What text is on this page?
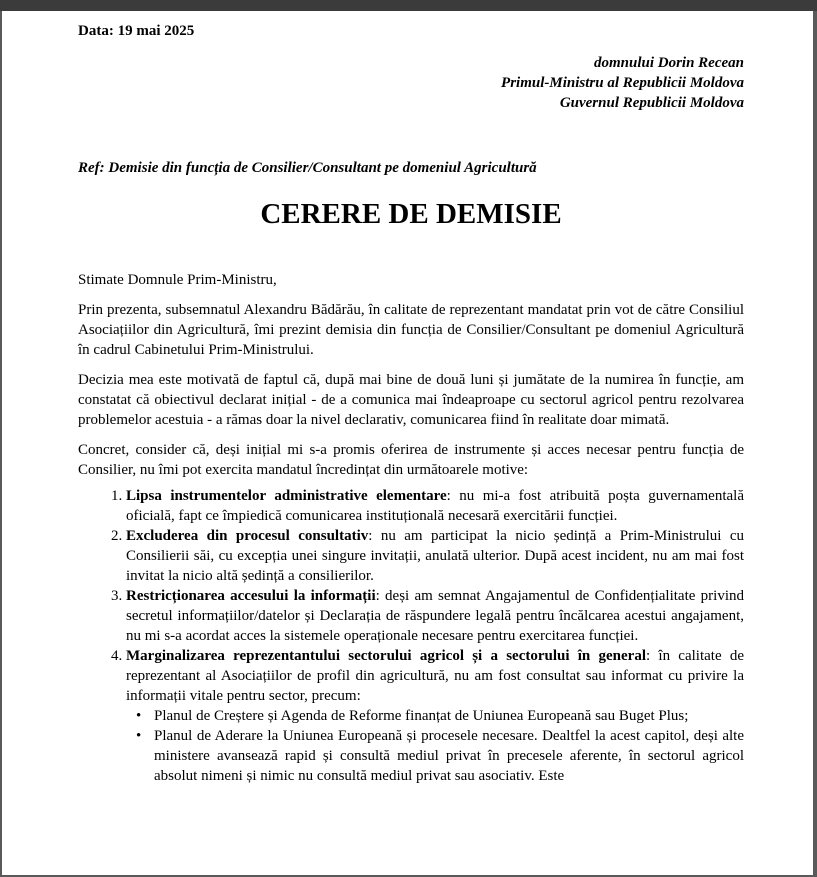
Data: 19 mai 2025
domnului Dorin Recean
Primul-Ministru al Republicii Moldova
Guvernul Republicii Moldova
Ref: Demisie din funcția de Consilier/Consultant pe domeniul Agricultură
CERERE DE DEMISIE

Stimate Domnule Prim-Ministru,

Prin prezenta, subsemnatul Alexandru Bădărău, în calitate de reprezentant mandatat prin vot de către Consiliul Asociațiilor din Agricultură, îmi prezint demisia din funcția de Consilier/Consultant pe domeniul Agricultură în cadrul Cabinetului Prim-Ministrului.

Decizia mea este motivată de faptul că, după mai bine de două luni și jumătate de la numirea în funcție, am constatat că obiectivul declarat inițial - de a comunica mai îndeaproape cu sectorul agricol pentru rezolvarea problemelor acestuia - a rămas doar la nivel declarativ, comunicarea fiind în realitate doar mimată.

Concret, consider că, deși inițial mi s-a promis oferirea de instrumente și acces necesar pentru funcția de Consilier, nu îmi pot exercita mandatul încredințat din următoarele motive:

1. Lipsa instrumentelor administrative elementare: nu mi-a fost atribuită poșta guvernamentală oficială, fapt ce împiedică comunicarea instituțională necesară exercitării funcției.
2. Excluderea din procesul consultativ: nu am participat la nicio ședință a Prim-Ministrului cu Consilierii săi, cu excepția unei singure invitații, anulată ulterior. După acest incident, nu am mai fost invitat la nicio altă ședință a consilierilor.
3. Restricționarea accesului la informații: deși am semnat Angajamentul de Confidențialitate privind secretul informațiilor/datelor și Declarația de răspundere legală pentru încălcarea acestui angajament, nu mi s-a acordat acces la sistemele operaționale necesare pentru exercitarea funcției.
4. Marginalizarea reprezentantului sectorului agricol și a sectorului în general: în calitate de reprezentant al Asociațiilor de profil din agricultură, nu am fost consultat sau informat cu privire la informații vitale pentru sector, precum:
• Planul de Creștere și Agenda de Reforme finanțat de Uniunea Europeană sau Buget Plus;
• Planul de Aderare la Uniunea Europeană și procesele necesare. Dealtfel la acest capitol, deși alte ministere avansează rapid și consultă mediul privat în precesele aferente, în sectorul agricol absolut nimeni și nimic nu consultă mediul privat sau asociativ. Este
